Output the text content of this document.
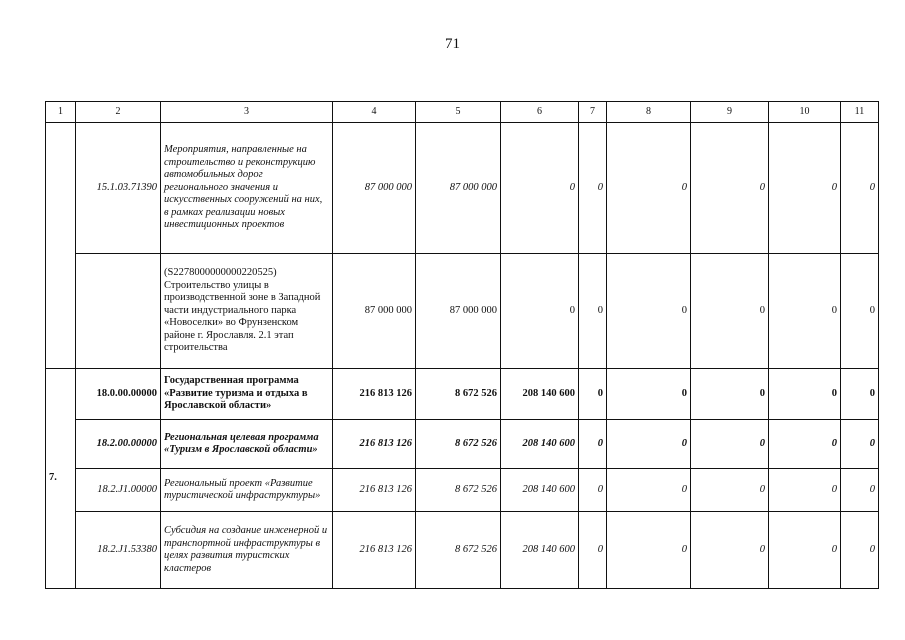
71
1	2	3	4	5	6	7	8	9	10	11
	15.1.03.71390	Мероприятия, направленные на строительство и реконструкцию автомобильных дорог регионального значения и искусственных сооружений на них, в рамках реализации новых инвестиционных проектов	87 000 000	87 000 000	0	0	0	0	0	0
		(S2278000000000220525) Строительство улицы в производственной зоне в Западной части индустриального парка «Новоселки» во Фрунзенском районе г. Ярославля. 2.1 этап строительства	87 000 000	87 000 000	0	0	0	0	0	0
7.	18.0.00.00000	Государственная программа «Развитие туризма и отдыха в Ярославской области»	216 813 126	8 672 526	208 140 600	0	0	0	0	0
	18.2.00.00000	Региональная целевая программа «Туризм в Ярославской области»	216 813 126	8 672 526	208 140 600	0	0	0	0	0
	18.2.J1.00000	Региональный проект «Развитие туристической инфраструктуры»	216 813 126	8 672 526	208 140 600	0	0	0	0	0
	18.2.J1.53380	Субсидия на создание инженерной и транспортной инфраструктуры в целях развития туристских кластеров	216 813 126	8 672 526	208 140 600	0	0	0	0	0
